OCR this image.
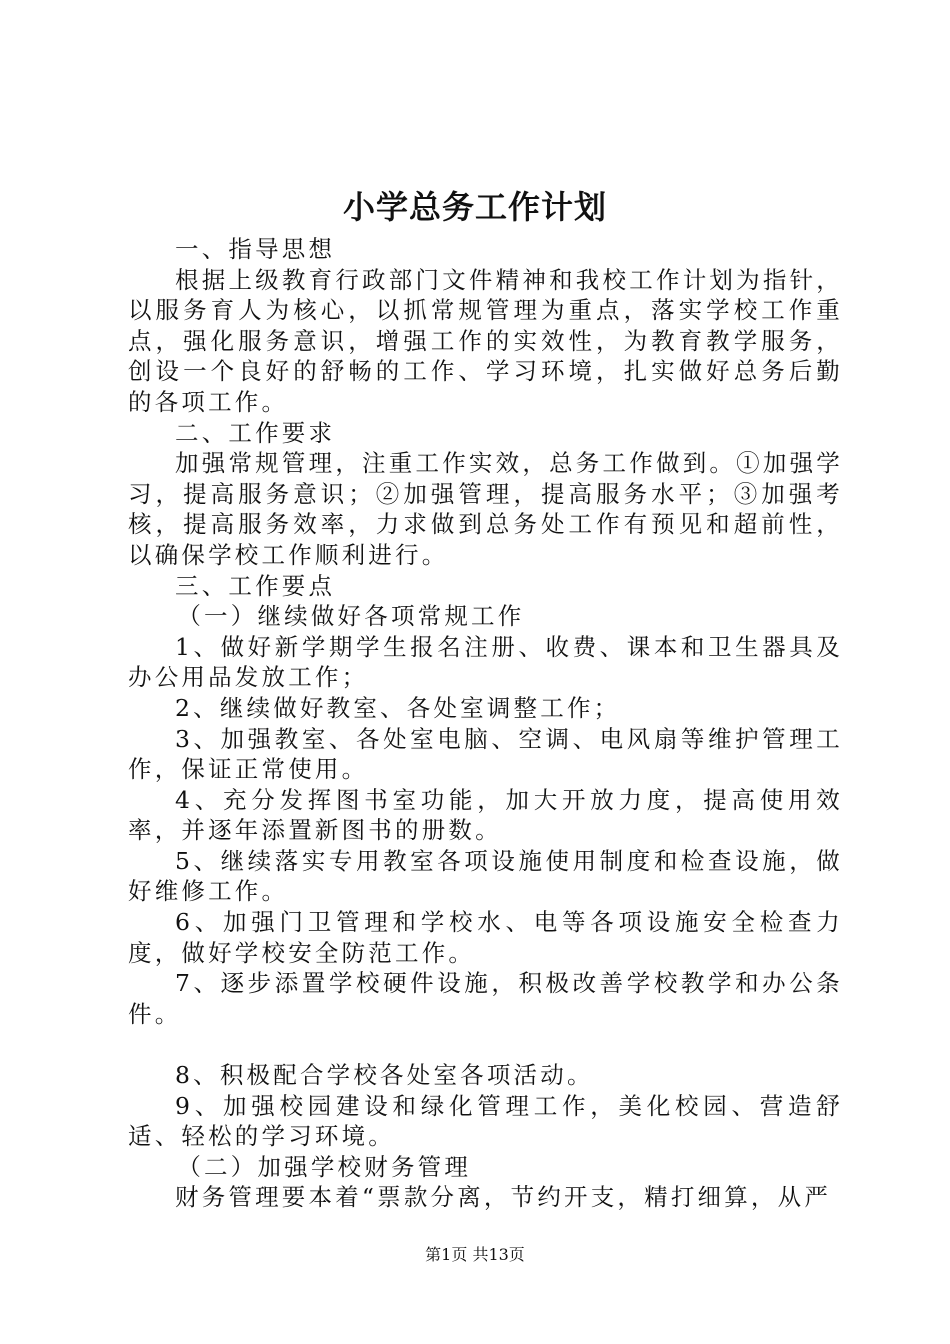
小学总务工作计划

一、指导思想

根据上级教育行政部门文件精神和我校工作计划为指针，以服务育人为核心，以抓常规管理为重点，落实学校工作重点，强化服务意识，增强工作的实效性，为教育教学服务，创设一个良好的舒畅的工作、学习环境，扎实做好总务后勤的各项工作。

二、工作要求

加强常规管理，注重工作实效，总务工作做到。①加强学习，提高服务意识；②加强管理，提高服务水平；③加强考核，提高服务效率，力求做到总务处工作有预见和超前性，以确保学校工作顺利进行。

三、工作要点

（一）继续做好各项常规工作

1、做好新学期学生报名注册、收费、课本和卫生器具及办公用品发放工作；

2、继续做好教室、各处室调整工作；

3、加强教室、各处室电脑、空调、电风扇等维护管理工作，保证正常使用。

4、充分发挥图书室功能，加大开放力度，提高使用效率，并逐年添置新图书的册数。

5、继续落实专用教室各项设施使用制度和检查设施，做好维修工作。

6、加强门卫管理和学校水、电等各项设施安全检查力度，做好学校安全防范工作。

7、逐步添置学校硬件设施，积极改善学校教学和办公条件。

8、积极配合学校各处室各项活动。

9、加强校园建设和绿化管理工作，美化校园、营造舒适、轻松的学习环境。

（二）加强学校财务管理

财务管理要本着“票款分离，节约开支，精打细算，从严

第1页 共13页
